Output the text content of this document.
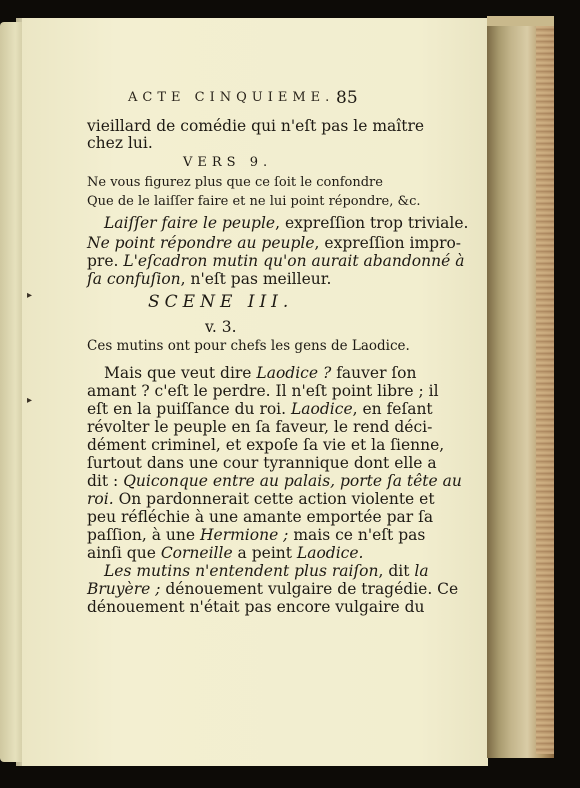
ACTE CINQUIEME. 85
vieillard de comédie qui n'eſt pas le maître
chez lui.
VERS 9.
Ne vous figurez plus que ce ſoit le confondre
Que de le laiſſer faire et ne lui point répondre, &c.
Laiſſer faire le peuple, expreſſion trop triviale.
Ne point répondre au peuple, expreſſion impro-
pre. L'eſcadron mutin qu'on aurait abandonné à
ſa confuſion, n'eſt pas meilleur.
SCENE III.
v. 3.
Ces mutins ont pour chefs les gens de Laodice.
Mais que veut dire Laodice ? fauver ſon
amant ? c'eſt le perdre. Il n'eſt point libre ; il
eſt en la puiſſance du roi. Laodice, en feſant
révolter le peuple en ſa faveur, le rend déci-
dément criminel, et expoſe ſa vie et la ſienne,
ſurtout dans une cour tyrannique dont elle a
dit : Quiconque entre au palais, porte ſa tête au
roi. On pardonnerait cette action violente et
peu réfléchie à une amante emportée par ſa
paſſion, à une Hermione ; mais ce n'eſt pas
ainſi que Corneille a peint Laodice.
Les mutins n'entendent plus raiſon, dit la
Bruyère ; dénouement vulgaire de tragédie. Ce
dénouement n'était pas encore vulgaire du
▸
▸
